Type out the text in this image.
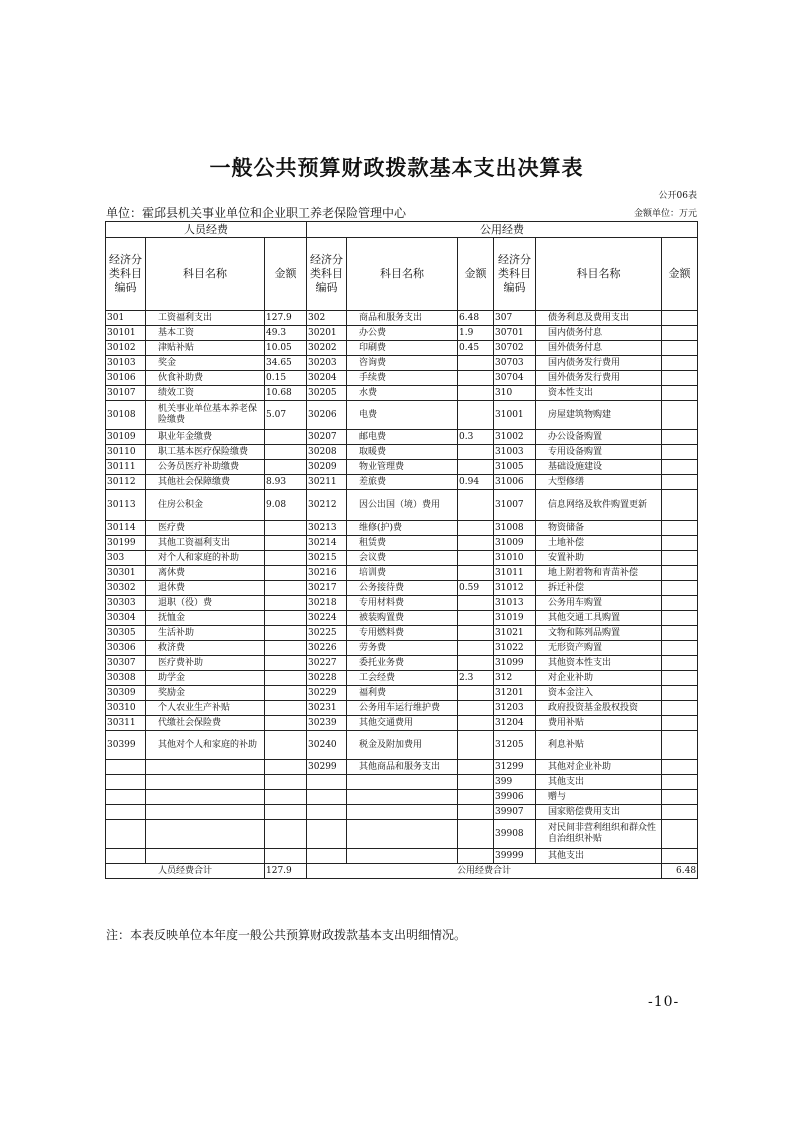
一般公共预算财政拨款基本支出决算表
公开06表
单位：霍邱县机关事业单位和企业职工养老保险管理中心	金额单位：万元
人员经费			公用经费					
经济分类科目编码	科目名称	金额	经济分类科目编码	科目名称	金额	经济分类科目编码	科目名称	金额
301	工资福利支出	127.9	302	商品和服务支出	6.48	307	债务利息及费用支出	
30101	基本工资	49.3	30201	办公费	1.9	30701	国内债务付息	
30102	津贴补贴	10.05	30202	印刷费	0.45	30702	国外债务付息	
30103	奖金	34.65	30203	咨询费		30703	国内债务发行费用	
30106	伙食补助费	0.15	30204	手续费		30704	国外债务发行费用	
30107	绩效工资	10.68	30205	水费		310	资本性支出	
30108	机关事业单位基本养老保险缴费	5.07	30206	电费		31001	房屋建筑物购建	
30109	职业年金缴费		30207	邮电费	0.3	31002	办公设备购置	
30110	职工基本医疗保险缴费		30208	取暖费		31003	专用设备购置	
30111	公务员医疗补助缴费		30209	物业管理费		31005	基础设施建设	
30112	其他社会保障缴费	8.93	30211	差旅费	0.94	31006	大型修缮	
30113	住房公积金	9.08	30212	因公出国（境）费用		31007	信息网络及软件购置更新	
30114	医疗费		30213	维修(护)费		31008	物资储备	
30199	其他工资福利支出		30214	租赁费		31009	土地补偿	
303	对个人和家庭的补助		30215	会议费		31010	安置补助	
30301	离休费		30216	培训费		31011	地上附着物和青苗补偿	
30302	退休费		30217	公务接待费	0.59	31012	拆迁补偿	
30303	退职（役）费		30218	专用材料费		31013	公务用车购置	
30304	抚恤金		30224	被装购置费		31019	其他交通工具购置	
30305	生活补助		30225	专用燃料费		31021	文物和陈列品购置	
30306	救济费		30226	劳务费		31022	无形资产购置	
30307	医疗费补助		30227	委托业务费		31099	其他资本性支出	
30308	助学金		30228	工会经费	2.3	312	对企业补助	
30309	奖励金		30229	福利费		31201	资本金注入	
30310	个人农业生产补贴		30231	公务用车运行维护费		31203	政府投资基金股权投资	
30311	代缴社会保险费		30239	其他交通费用		31204	费用补贴	
30399	其他对个人和家庭的补助		30240	税金及附加费用		31205	利息补贴	
			30299	其他商品和服务支出		31299	其他对企业补助	
						399	其他支出	
						39906	赠与	
						39907	国家赔偿费用支出	
						39908	对民间非营利组织和群众性自治组织补贴	
						39999	其他支出	
人员经费合计		127.9	公用经费合计					6.48
注：本表反映单位本年度一般公共预算财政拨款基本支出明细情况。
-10-
